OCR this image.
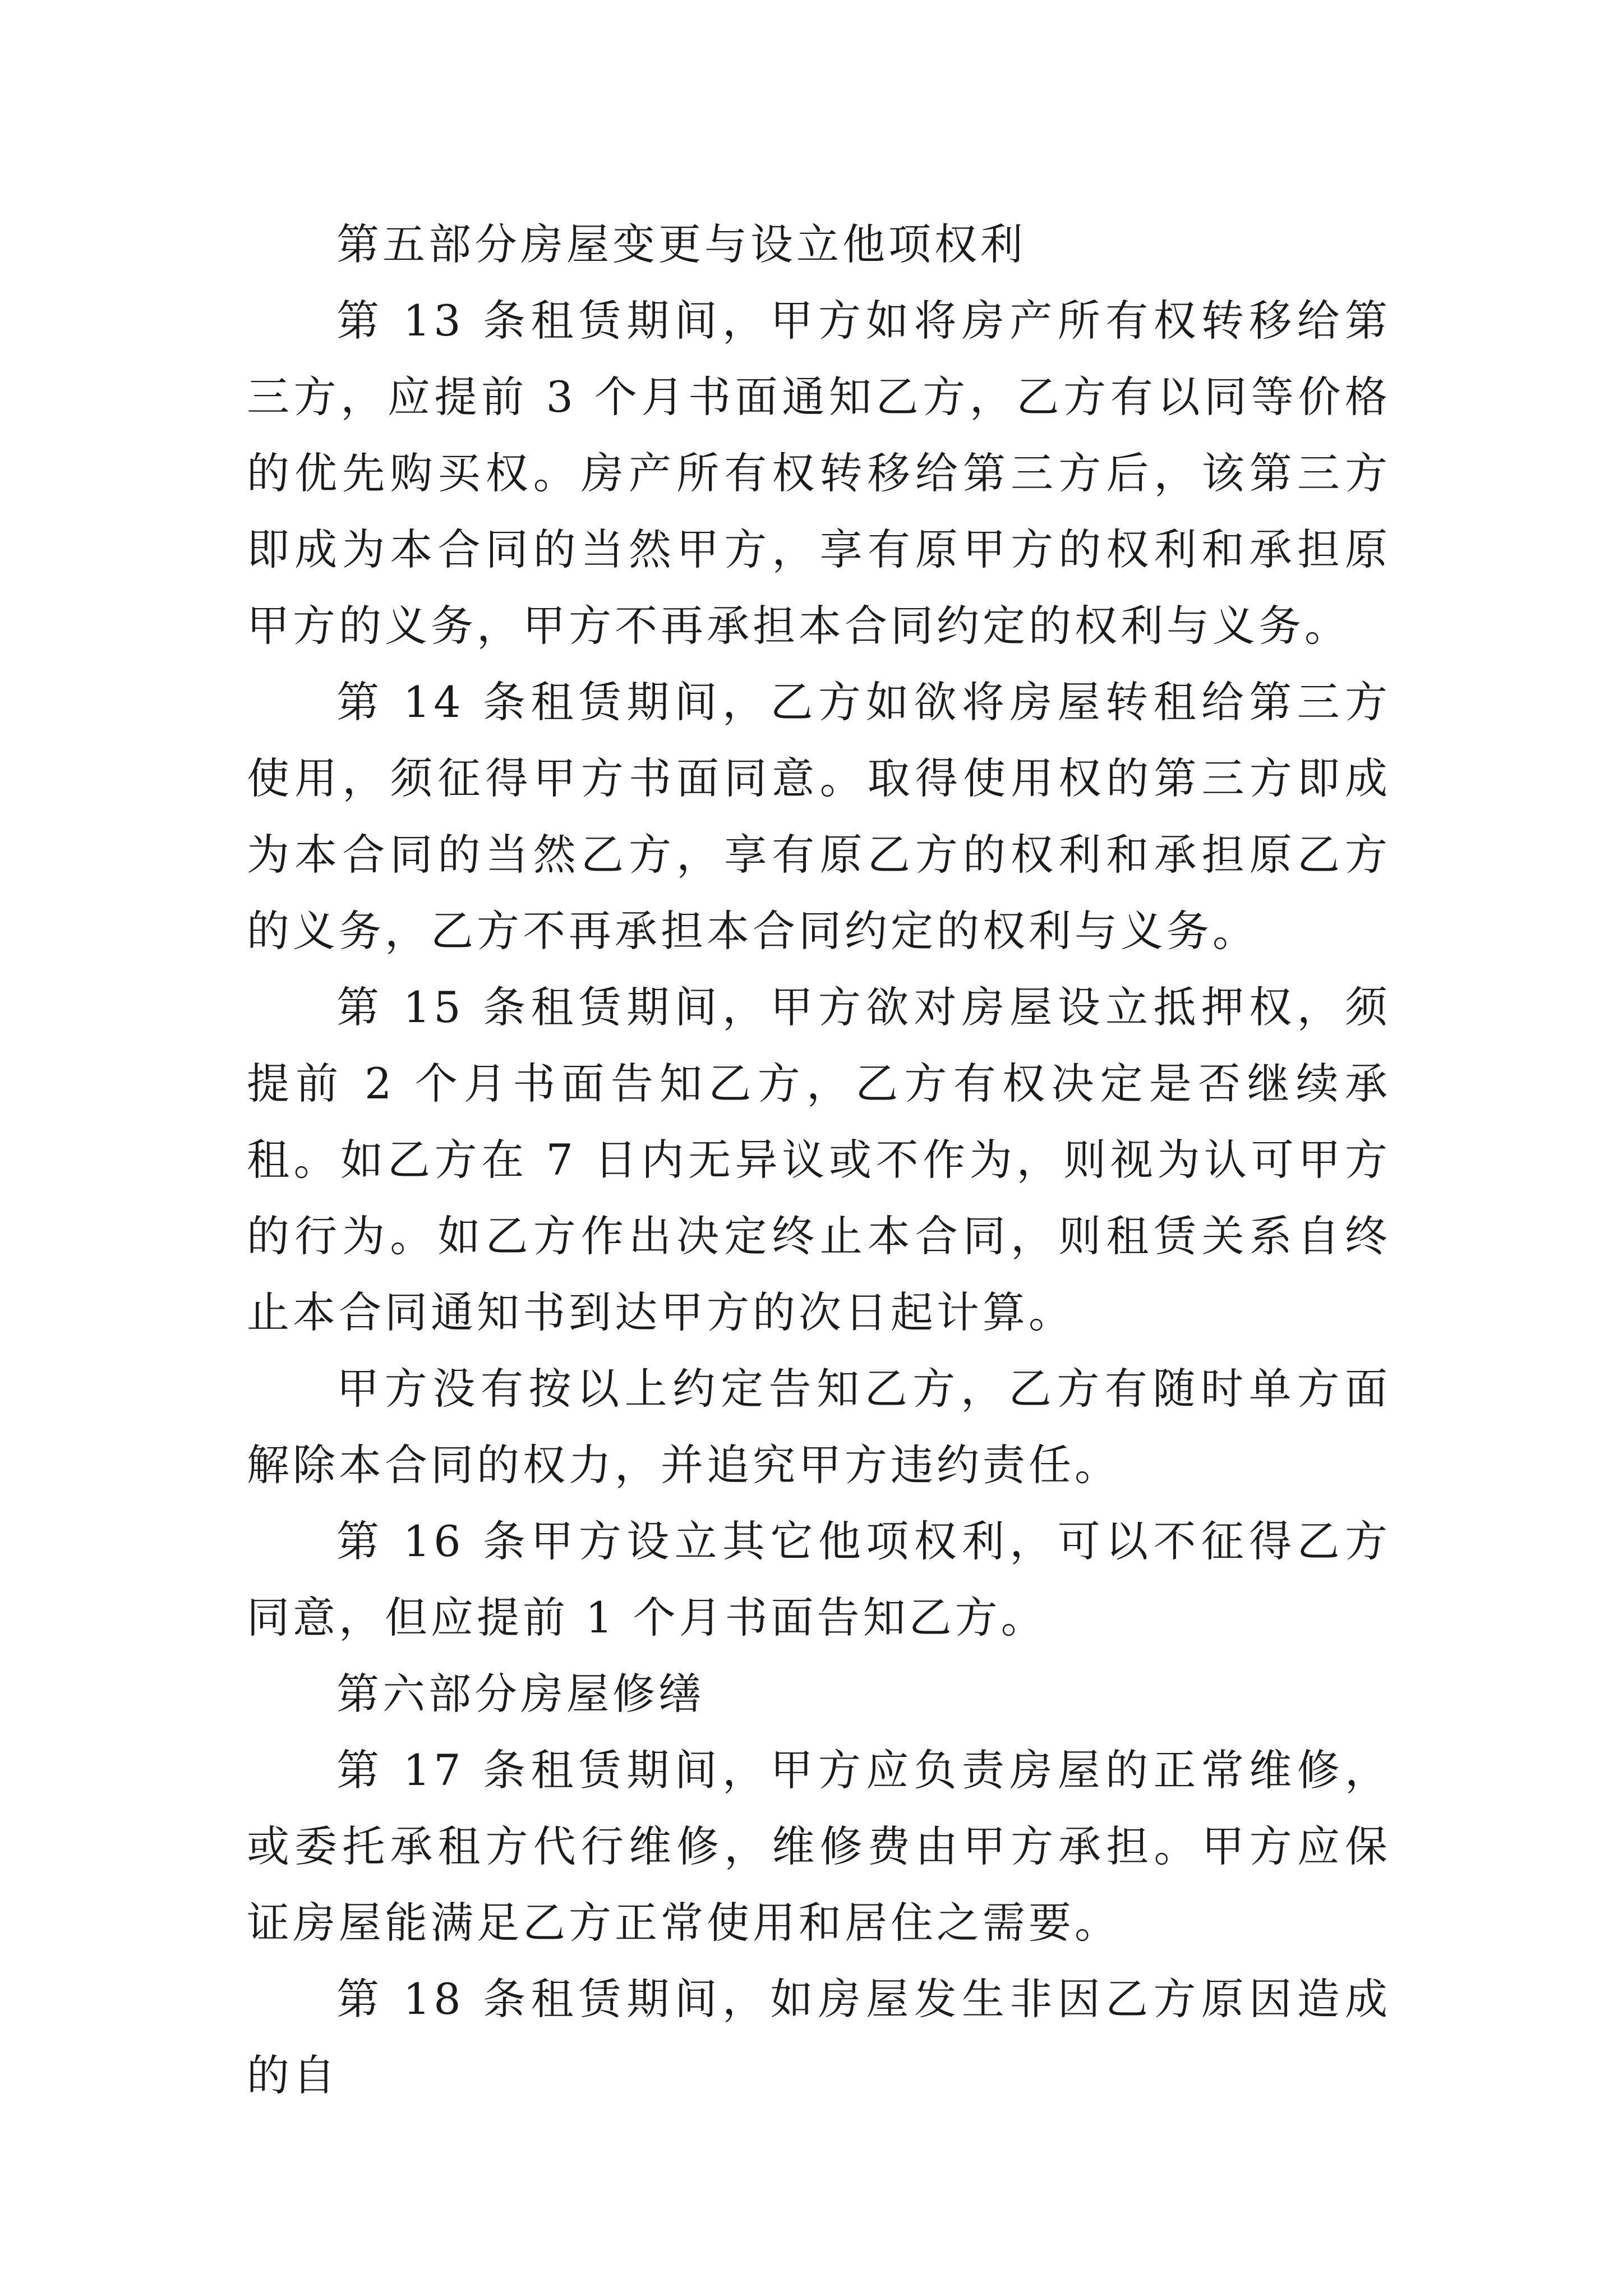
第五部分房屋变更与设立他项权利

第 13 条租赁期间，甲方如将房产所有权转移给第三方，应提前 3 个月书面通知乙方，乙方有以同等价格的优先购买权。房产所有权转移给第三方后，该第三方即成为本合同的当然甲方，享有原甲方的权利和承担原甲方的义务，甲方不再承担本合同约定的权利与义务。

第 14 条租赁期间，乙方如欲将房屋转租给第三方使用，须征得甲方书面同意。取得使用权的第三方即成为本合同的当然乙方，享有原乙方的权利和承担原乙方的义务，乙方不再承担本合同约定的权利与义务。

第 15 条租赁期间，甲方欲对房屋设立抵押权，须提前 2 个月书面告知乙方，乙方有权决定是否继续承租。如乙方在 7 日内无异议或不作为，则视为认可甲方的行为。如乙方作出决定终止本合同，则租赁关系自终止本合同通知书到达甲方的次日起计算。

甲方没有按以上约定告知乙方，乙方有随时单方面解除本合同的权力，并追究甲方违约责任。

第 16 条甲方设立其它他项权利，可以不征得乙方同意，但应提前 1 个月书面告知乙方。

第六部分房屋修缮

第 17 条租赁期间，甲方应负责房屋的正常维修，或委托承租方代行维修，维修费由甲方承担。甲方应保证房屋能满足乙方正常使用和居住之需要。

第 18 条租赁期间，如房屋发生非因乙方原因造成的自
